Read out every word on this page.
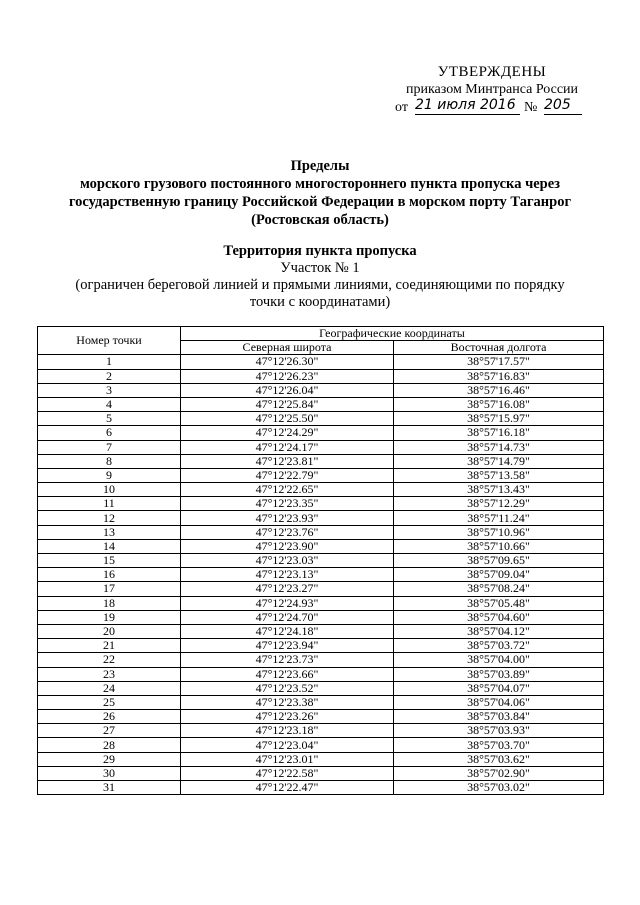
УТВЕРЖДЕНЫ
приказом Минтранса России
от 21 июля 2016 № 205
Пределы
морского грузового постоянного многостороннего пункта пропуска через
государственную границу Российской Федерации в морском порту Таганрог
(Ростовская область)
Территория пункта пропуска
Участок № 1
(ограничен береговой линией и прямыми линиями, соединяющими по порядку
точки с координатами)
Номер точки	Географические координаты	
	Северная широта	Восточная долгота
1	47°12'26.30"	38°57'17.57"
2	47°12'26.23"	38°57'16.83"
3	47°12'26.04"	38°57'16.46"
4	47°12'25.84"	38°57'16.08"
5	47°12'25.50"	38°57'15.97"
6	47°12'24.29"	38°57'16.18"
7	47°12'24.17"	38°57'14.73"
8	47°12'23.81"	38°57'14.79"
9	47°12'22.79"	38°57'13.58"
10	47°12'22.65"	38°57'13.43"
11	47°12'23.35"	38°57'12.29"
12	47°12'23.93"	38°57'11.24"
13	47°12'23.76"	38°57'10.96"
14	47°12'23.90"	38°57'10.66"
15	47°12'23.03"	38°57'09.65"
16	47°12'23.13"	38°57'09.04"
17	47°12'23.27"	38°57'08.24"
18	47°12'24.93"	38°57'05.48"
19	47°12'24.70"	38°57'04.60"
20	47°12'24.18"	38°57'04.12"
21	47°12'23.94"	38°57'03.72"
22	47°12'23.73"	38°57'04.00"
23	47°12'23.66"	38°57'03.89"
24	47°12'23.52"	38°57'04.07"
25	47°12'23.38"	38°57'04.06"
26	47°12'23.26"	38°57'03.84"
27	47°12'23.18"	38°57'03.93"
28	47°12'23.04"	38°57'03.70"
29	47°12'23.01"	38°57'03.62"
30	47°12'22.58"	38°57'02.90"
31	47°12'22.47"	38°57'03.02"
